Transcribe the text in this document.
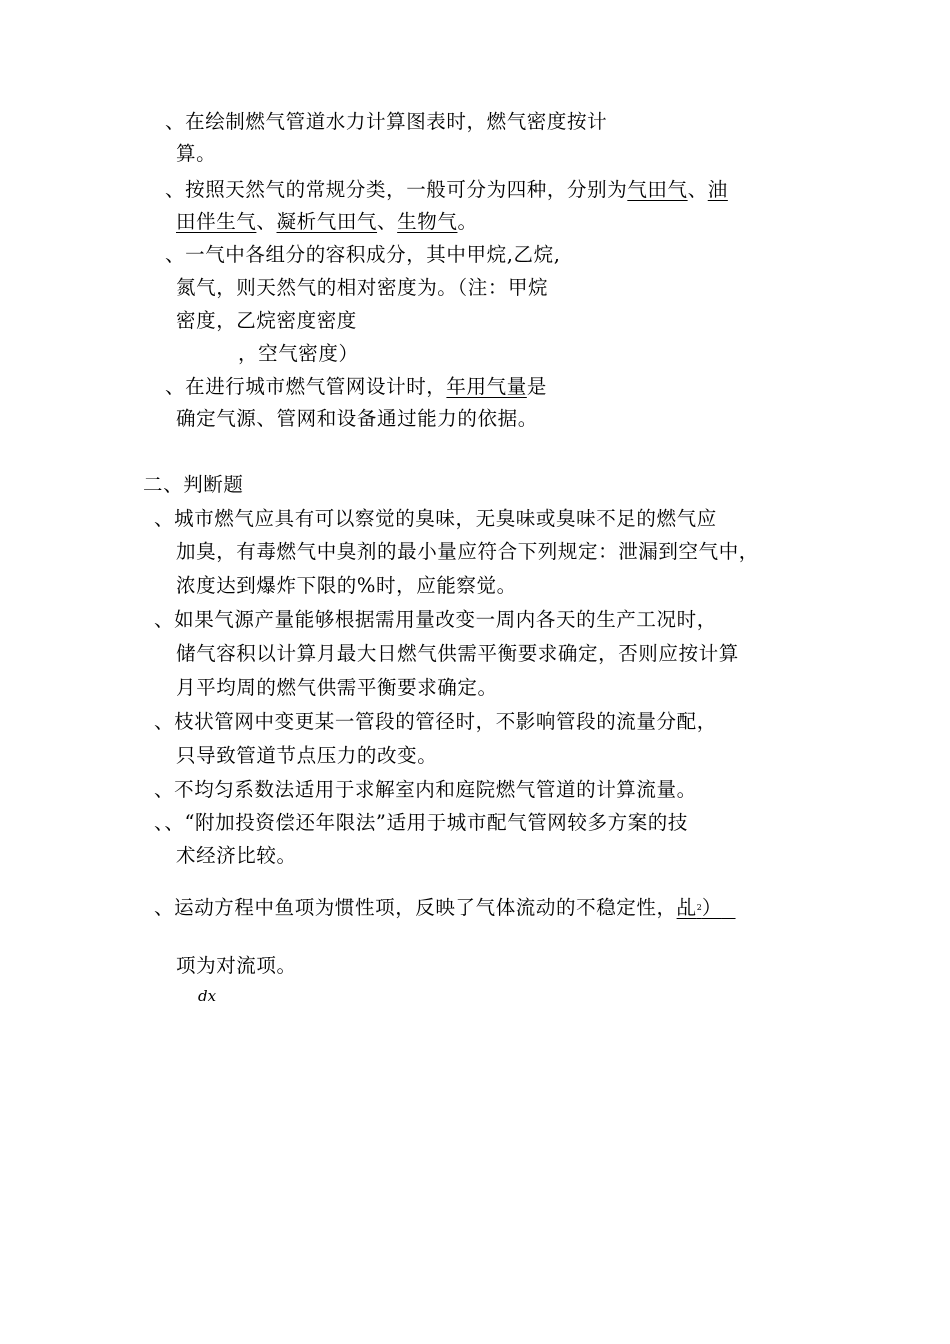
、在绘制燃气管道水力计算图表时，燃气密度按计
算。
、按照天然气的常规分类，一般可分为四种，分别为气田气、油
田伴生气、凝析气田气、生物气。
、一气中各组分的容积成分，其中甲烷,乙烷,
氮气，则天然气的相对密度为。（注：甲烷
密度，乙烷密度密度
，空气密度）
、在进行城市燃气管网设计时，年用气量是
确定气源、管网和设备通过能力的依据。
二、判断题
、城市燃气应具有可以察觉的臭味，无臭味或臭味不足的燃气应
加臭，有毒燃气中臭剂的最小量应符合下列规定：泄漏到空气中，
浓度达到爆炸下限的%时，应能察觉。
、如果气源产量能够根据需用量改变一周内各天的生产工况时，
储气容积以计算月最大日燃气供需平衡要求确定，否则应按计算
月平均周的燃气供需平衡要求确定。
、枝状管网中变更某一管段的管径时，不影响管段的流量分配，
只导致管道节点压力的改变。
、不均匀系数法适用于求解室内和庭院燃气管道的计算流量。
、、“附加投资偿还年限法”适用于城市配气管网较多方案的技
术经济比较。
、运动方程中鱼项为惯性项，反映了气体流动的不稳定性，乩$^2$）
项为对流项。
dx
